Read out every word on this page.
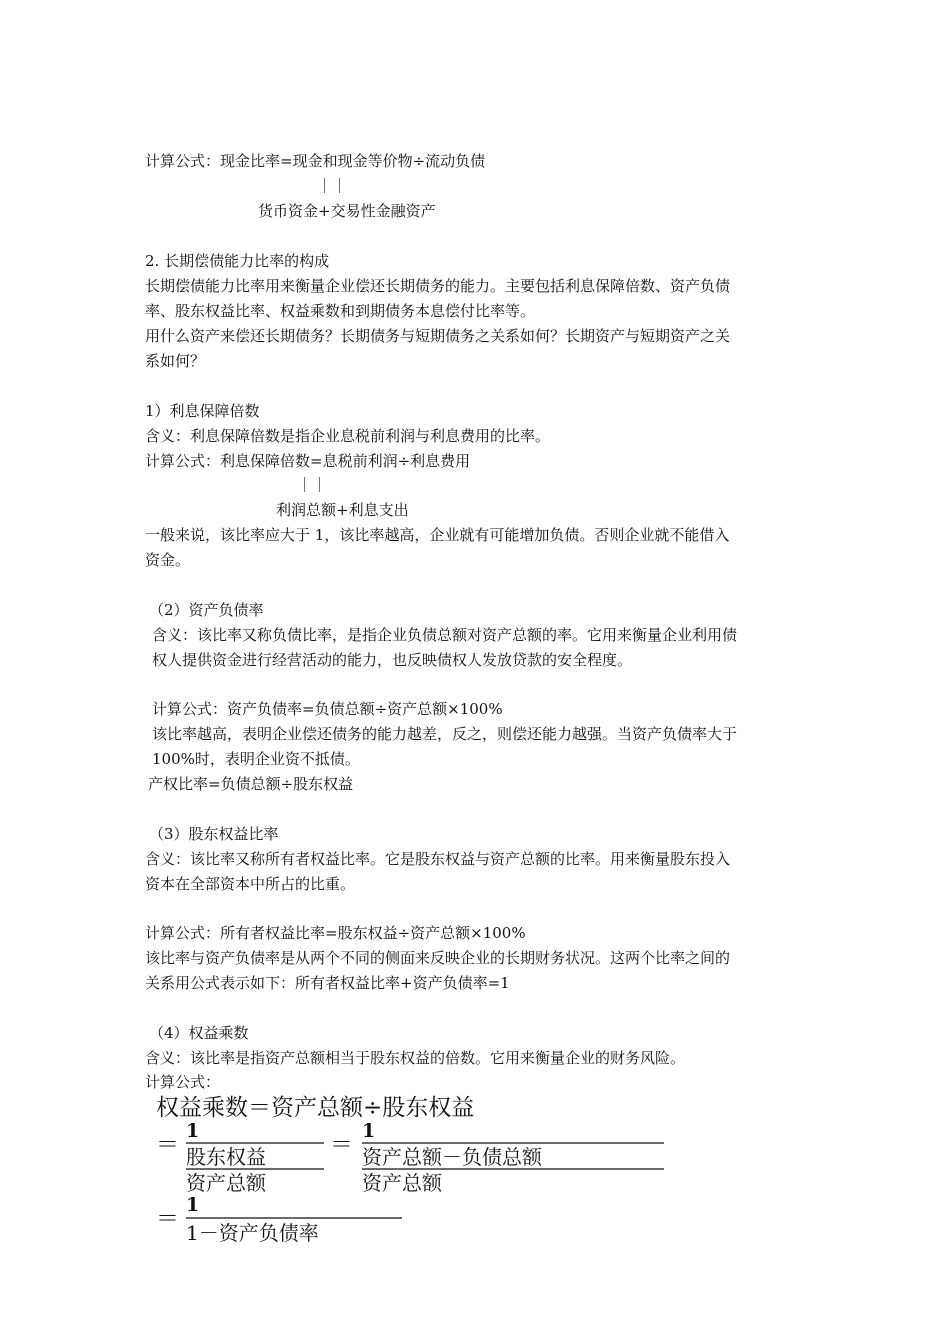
计算公式：现金比率=现金和现金等价物÷流动负债
｜｜
货币资金+交易性金融资产
2. 长期偿债能力比率的构成
长期偿债能力比率用来衡量企业偿还长期债务的能力。主要包括利息保障倍数、资产负债
率、股东权益比率、权益乘数和到期债务本息偿付比率等。
用什么资产来偿还长期债务？长期债务与短期债务之关系如何？长期资产与短期资产之关
系如何？
1）利息保障倍数
含义：利息保障倍数是指企业息税前利润与利息费用的比率。
计算公式：利息保障倍数=息税前利润÷利息费用
｜｜
利润总额+利息支出
一般来说，该比率应大于 1，该比率越高，企业就有可能增加负债。否则企业就不能借入
资金。
（2）资产负债率
含义：该比率又称负债比率，是指企业负债总额对资产总额的率。它用来衡量企业利用债
权人提供资金进行经营活动的能力，也反映债权人发放贷款的安全程度。
计算公式：资产负债率=负债总额÷资产总额×100%
该比率越高，表明企业偿还债务的能力越差，反之，则偿还能力越强。当资产负债率大于
100%时，表明企业资不抵债。
产权比率=负债总额÷股东权益
（3）股东权益比率
含义：该比率又称所有者权益比率。它是股东权益与资产总额的比率。用来衡量股东投入
资本在全部资本中所占的比重。
计算公式：所有者权益比率=股东权益÷资产总额×100%
该比率与资产负债率是从两个不同的侧面来反映企业的长期财务状况。这两个比率之间的
关系用公式表示如下：所有者权益比率+资产负债率=1
（4）权益乘数
含义：该比率是指资产总额相当于股东权益的倍数。它用来衡量企业的财务风险。
计算公式：
权益乘数＝资产总额÷股东权益
＝
1
股东权益
资产总额
＝
1
资产总额－负债总额
资产总额
＝
1
1－资产负债率
